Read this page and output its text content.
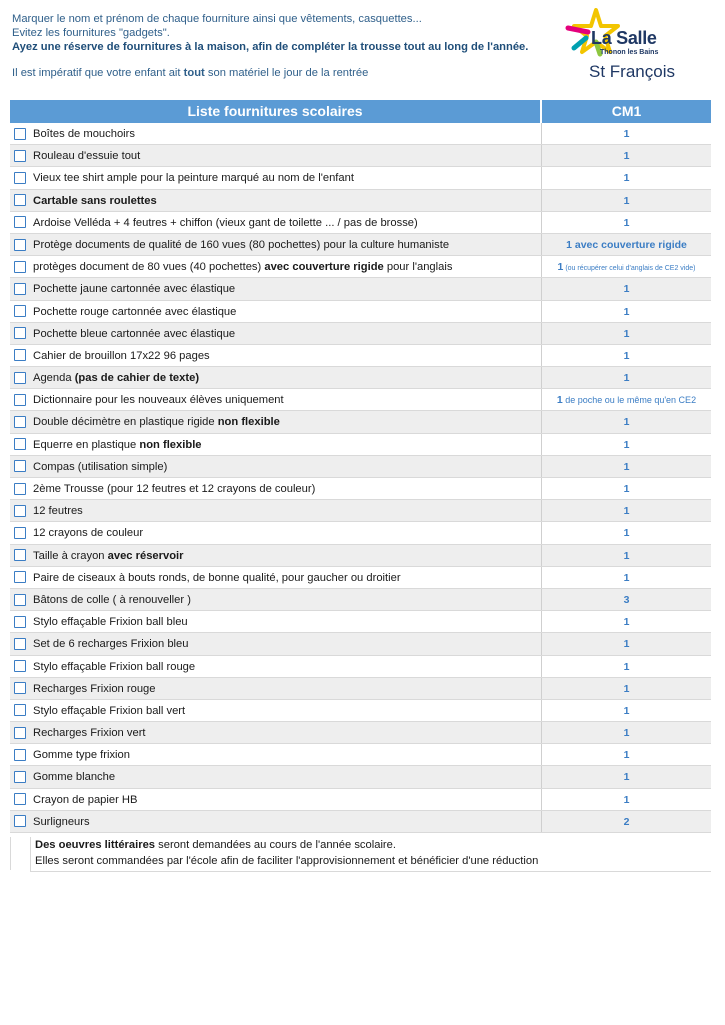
Marquer le nom et prénom de chaque fourniture ainsi que vêtements, casquettes...
Evitez les fournitures "gadgets".
Ayez une réserve de fournitures à la maison, afin de compléter la trousse tout au long de l'année.
Il est impératif que votre enfant ait tout son matériel le jour de la rentrée
La Salle
Thonon les Bains
St François
Liste fournitures scolaires	CM1
Boîtes de mouchoirs	1
Rouleau d'essuie tout	1
Vieux tee shirt ample pour la peinture marqué au nom de l'enfant	1
Cartable sans roulettes	1
Ardoise Velléda + 4 feutres + chiffon (vieux gant de toilette ... / pas de brosse)	1
Protège documents de qualité de 160 vues (80 pochettes) pour la culture humaniste	1 avec couverture rigide
protèges document de 80 vues (40 pochettes) avec couverture rigide pour l'anglais	1 (ou récupérer celui d'anglais de CE2 vide)
Pochette jaune cartonnée avec élastique	1
Pochette rouge cartonnée avec élastique	1
Pochette bleue cartonnée avec élastique	1
Cahier de brouillon 17x22 96 pages	1
Agenda (pas de cahier de texte)	1
Dictionnaire pour les nouveaux élèves uniquement	1 de poche ou le même qu'en CE2
Double décimètre en plastique rigide non flexible	1
Equerre en plastique non flexible	1
Compas (utilisation simple)	1
2ème Trousse (pour 12 feutres et 12 crayons de couleur)	1
12 feutres	1
12 crayons de couleur	1
Taille à crayon avec réservoir	1
Paire de ciseaux à bouts ronds, de bonne qualité, pour gaucher ou droitier	1
Bâtons de colle ( à renouveller )	3
Stylo effaçable Frixion ball bleu	1
Set de 6 recharges Frixion bleu	1
Stylo effaçable Frixion ball rouge	1
Recharges Frixion rouge	1
Stylo effaçable Frixion ball vert	1
Recharges Frixion vert	1
Gomme type frixion	1
Gomme blanche	1
Crayon de papier HB	1
Surligneurs	2
Des oeuvres littéraires seront demandées au cours de l'année scolaire.
Elles seront commandées par l'école afin de faciliter l'approvisionnement et bénéficier d'une réduction
